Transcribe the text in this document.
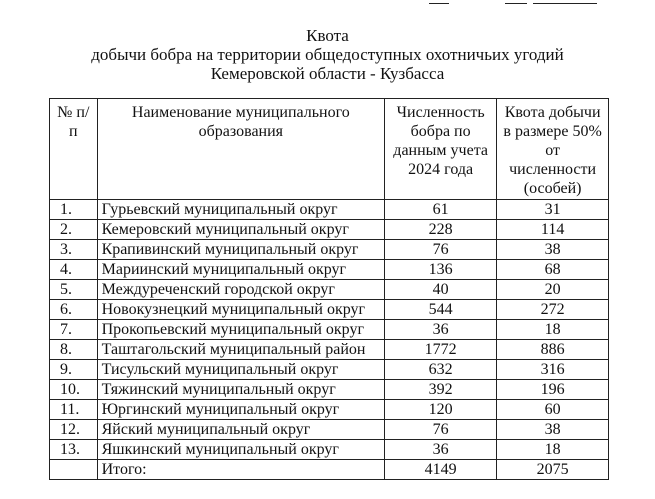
Квота
добычи бобра на территории общедоступных охотничьих угодий
Кемеровской области - Кузбасса
№ п/п	Наименование муниципального образования	Численность бобра по данным учета 2024 года	Квота добычи в размере 50% от численности (особей)
1.	Гурьевский муниципальный округ	61	31
2.	Кемеровский муниципальный округ	228	114
3.	Крапивинский муниципальный округ	76	38
4.	Мариинский муниципальный округ	136	68
5.	Междуреченский городской округ	40	20
6.	Новокузнецкий муниципальный округ	544	272
7.	Прокопьевский муниципальный округ	36	18
8.	Таштагольский муниципальный район	1772	886
9.	Тисульский муниципальный округ	632	316
10.	Тяжинский муниципальный округ	392	196
11.	Юргинский муниципальный округ	120	60
12.	Яйский муниципальный округ	76	38
13.	Яшкинский муниципальный округ	36	18
	Итого:	4149	2075
